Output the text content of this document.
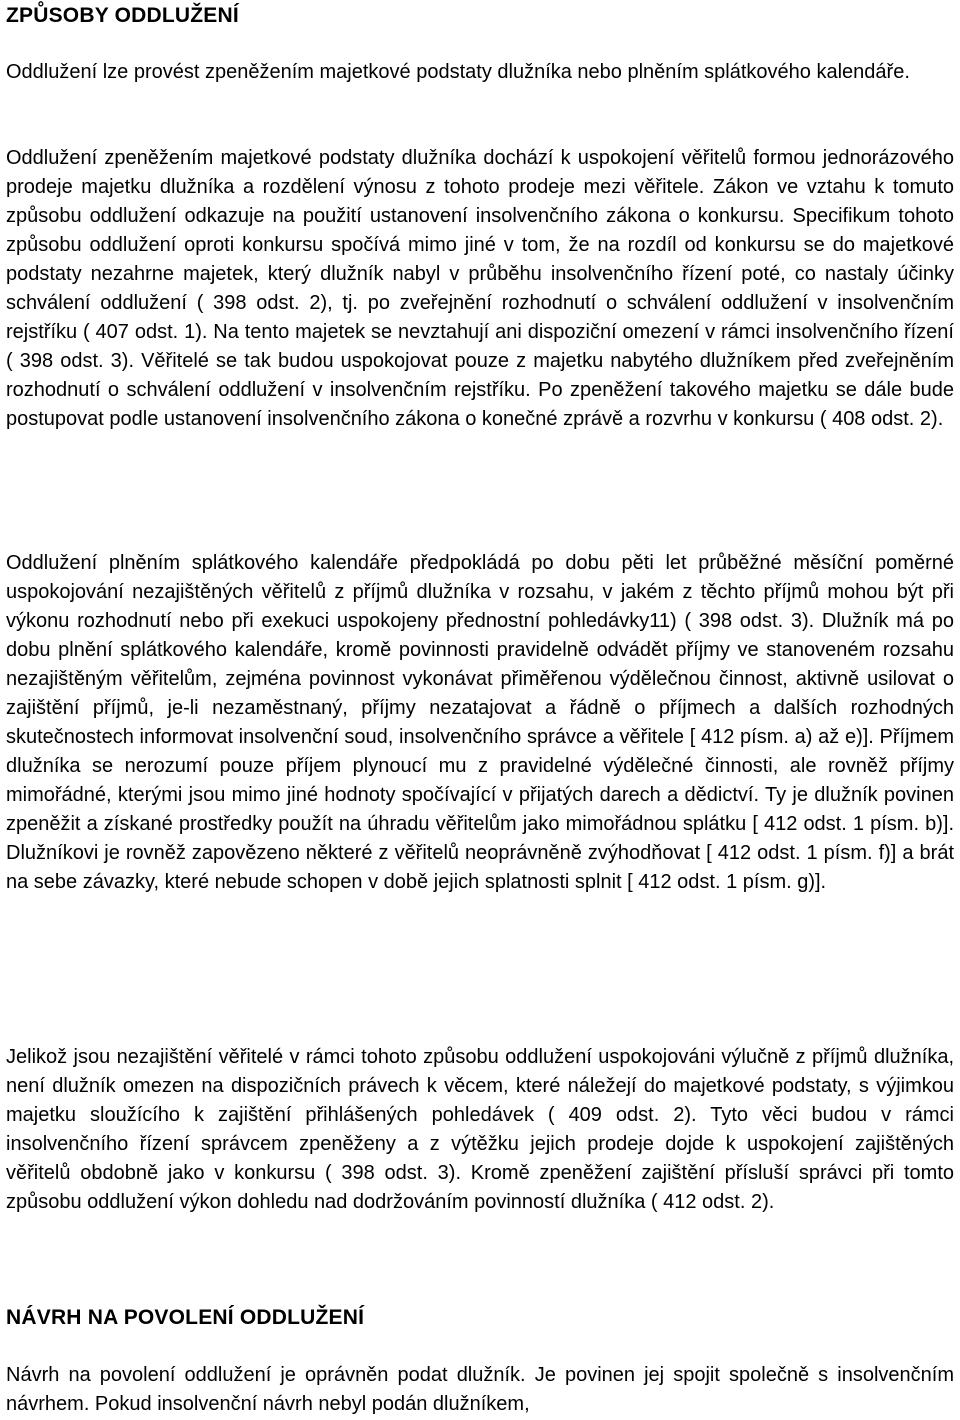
ZPŮSOBY ODDLUŽENÍ

Oddlužení lze provést zpeněžením majetkové podstaty dlužníka nebo plněním splátkového kalendáře.

Oddlužení zpeněžením majetkové podstaty dlužníka dochází k uspokojení věřitelů formou jednorázového prodeje majetku dlužníka a rozdělení výnosu z tohoto prodeje mezi věřitele. Zákon ve vztahu k tomuto způsobu oddlužení odkazuje na použití ustanovení insolvenčního zákona o konkursu. Specifikum tohoto způsobu oddlužení oproti konkursu spočívá mimo jiné v tom, že na rozdíl od konkursu se do majetkové podstaty nezahrne majetek, který dlužník nabyl v průběhu insolvenčního řízení poté, co nastaly účinky schválení oddlužení ( 398 odst. 2), tj. po zveřejnění rozhodnutí o schválení oddlužení v insolvenčním rejstříku ( 407 odst. 1). Na tento majetek se nevztahují ani dispoziční omezení v rámci insolvenčního řízení ( 398 odst. 3). Věřitelé se tak budou uspokojovat pouze z majetku nabytého dlužníkem před zveřejněním rozhodnutí o schválení oddlužení v insolvenčním rejstříku. Po zpeněžení takového majetku se dále bude postupovat podle ustanovení insolvenčního zákona o konečné zprávě a rozvrhu v konkursu ( 408 odst. 2).

Oddlužení plněním splátkového kalendáře předpokládá po dobu pěti let průběžné měsíční poměrné uspokojování nezajištěných věřitelů z příjmů dlužníka v rozsahu, v jakém z těchto příjmů mohou být při výkonu rozhodnutí nebo při exekuci uspokojeny přednostní pohledávky11) ( 398 odst. 3). Dlužník má po dobu plnění splátkového kalendáře, kromě povinnosti pravidelně odvádět příjmy ve stanoveném rozsahu nezajištěným věřitelům, zejména povinnost vykonávat přiměřenou výdělečnou činnost, aktivně usilovat o zajištění příjmů, je-li nezaměstnaný, příjmy nezatajovat a řádně o příjmech a dalších rozhodných skutečnostech informovat insolvenční soud, insolvenčního správce a věřitele [ 412 písm. a) až e)]. Příjmem dlužníka se nerozumí pouze příjem plynoucí mu z pravidelné výdělečné činnosti, ale rovněž příjmy mimořádné, kterými jsou mimo jiné hodnoty spočívající v přijatých darech a dědictví. Ty je dlužník povinen zpeněžit a získané prostředky použít na úhradu věřitelům jako mimořádnou splátku [ 412 odst. 1 písm. b)]. Dlužníkovi je rovněž zapovězeno některé z věřitelů neoprávněně zvýhodňovat [ 412 odst. 1 písm. f)] a brát na sebe závazky, které nebude schopen v době jejich splatnosti splnit [ 412 odst. 1 písm. g)].

Jelikož jsou nezajištění věřitelé v rámci tohoto způsobu oddlužení uspokojováni výlučně z příjmů dlužníka, není dlužník omezen na dispozičních právech k věcem, které náležejí do majetkové podstaty, s výjimkou majetku sloužícího k zajištění přihlášených pohledávek ( 409 odst. 2). Tyto věci budou v rámci insolvenčního řízení správcem zpeněženy a z výtěžku jejich prodeje dojde k uspokojení zajištěných věřitelů obdobně jako v konkursu ( 398 odst. 3). Kromě zpeněžení zajištění přísluší správci při tomto způsobu oddlužení výkon dohledu nad dodržováním povinností dlužníka ( 412 odst. 2).

NÁVRH NA POVOLENÍ ODDLUŽENÍ

Návrh na povolení oddlužení je oprávněn podat dlužník. Je povinen jej spojit společně s insolvenčním návrhem. Pokud insolvenční návrh nebyl podán dlužníkem,
